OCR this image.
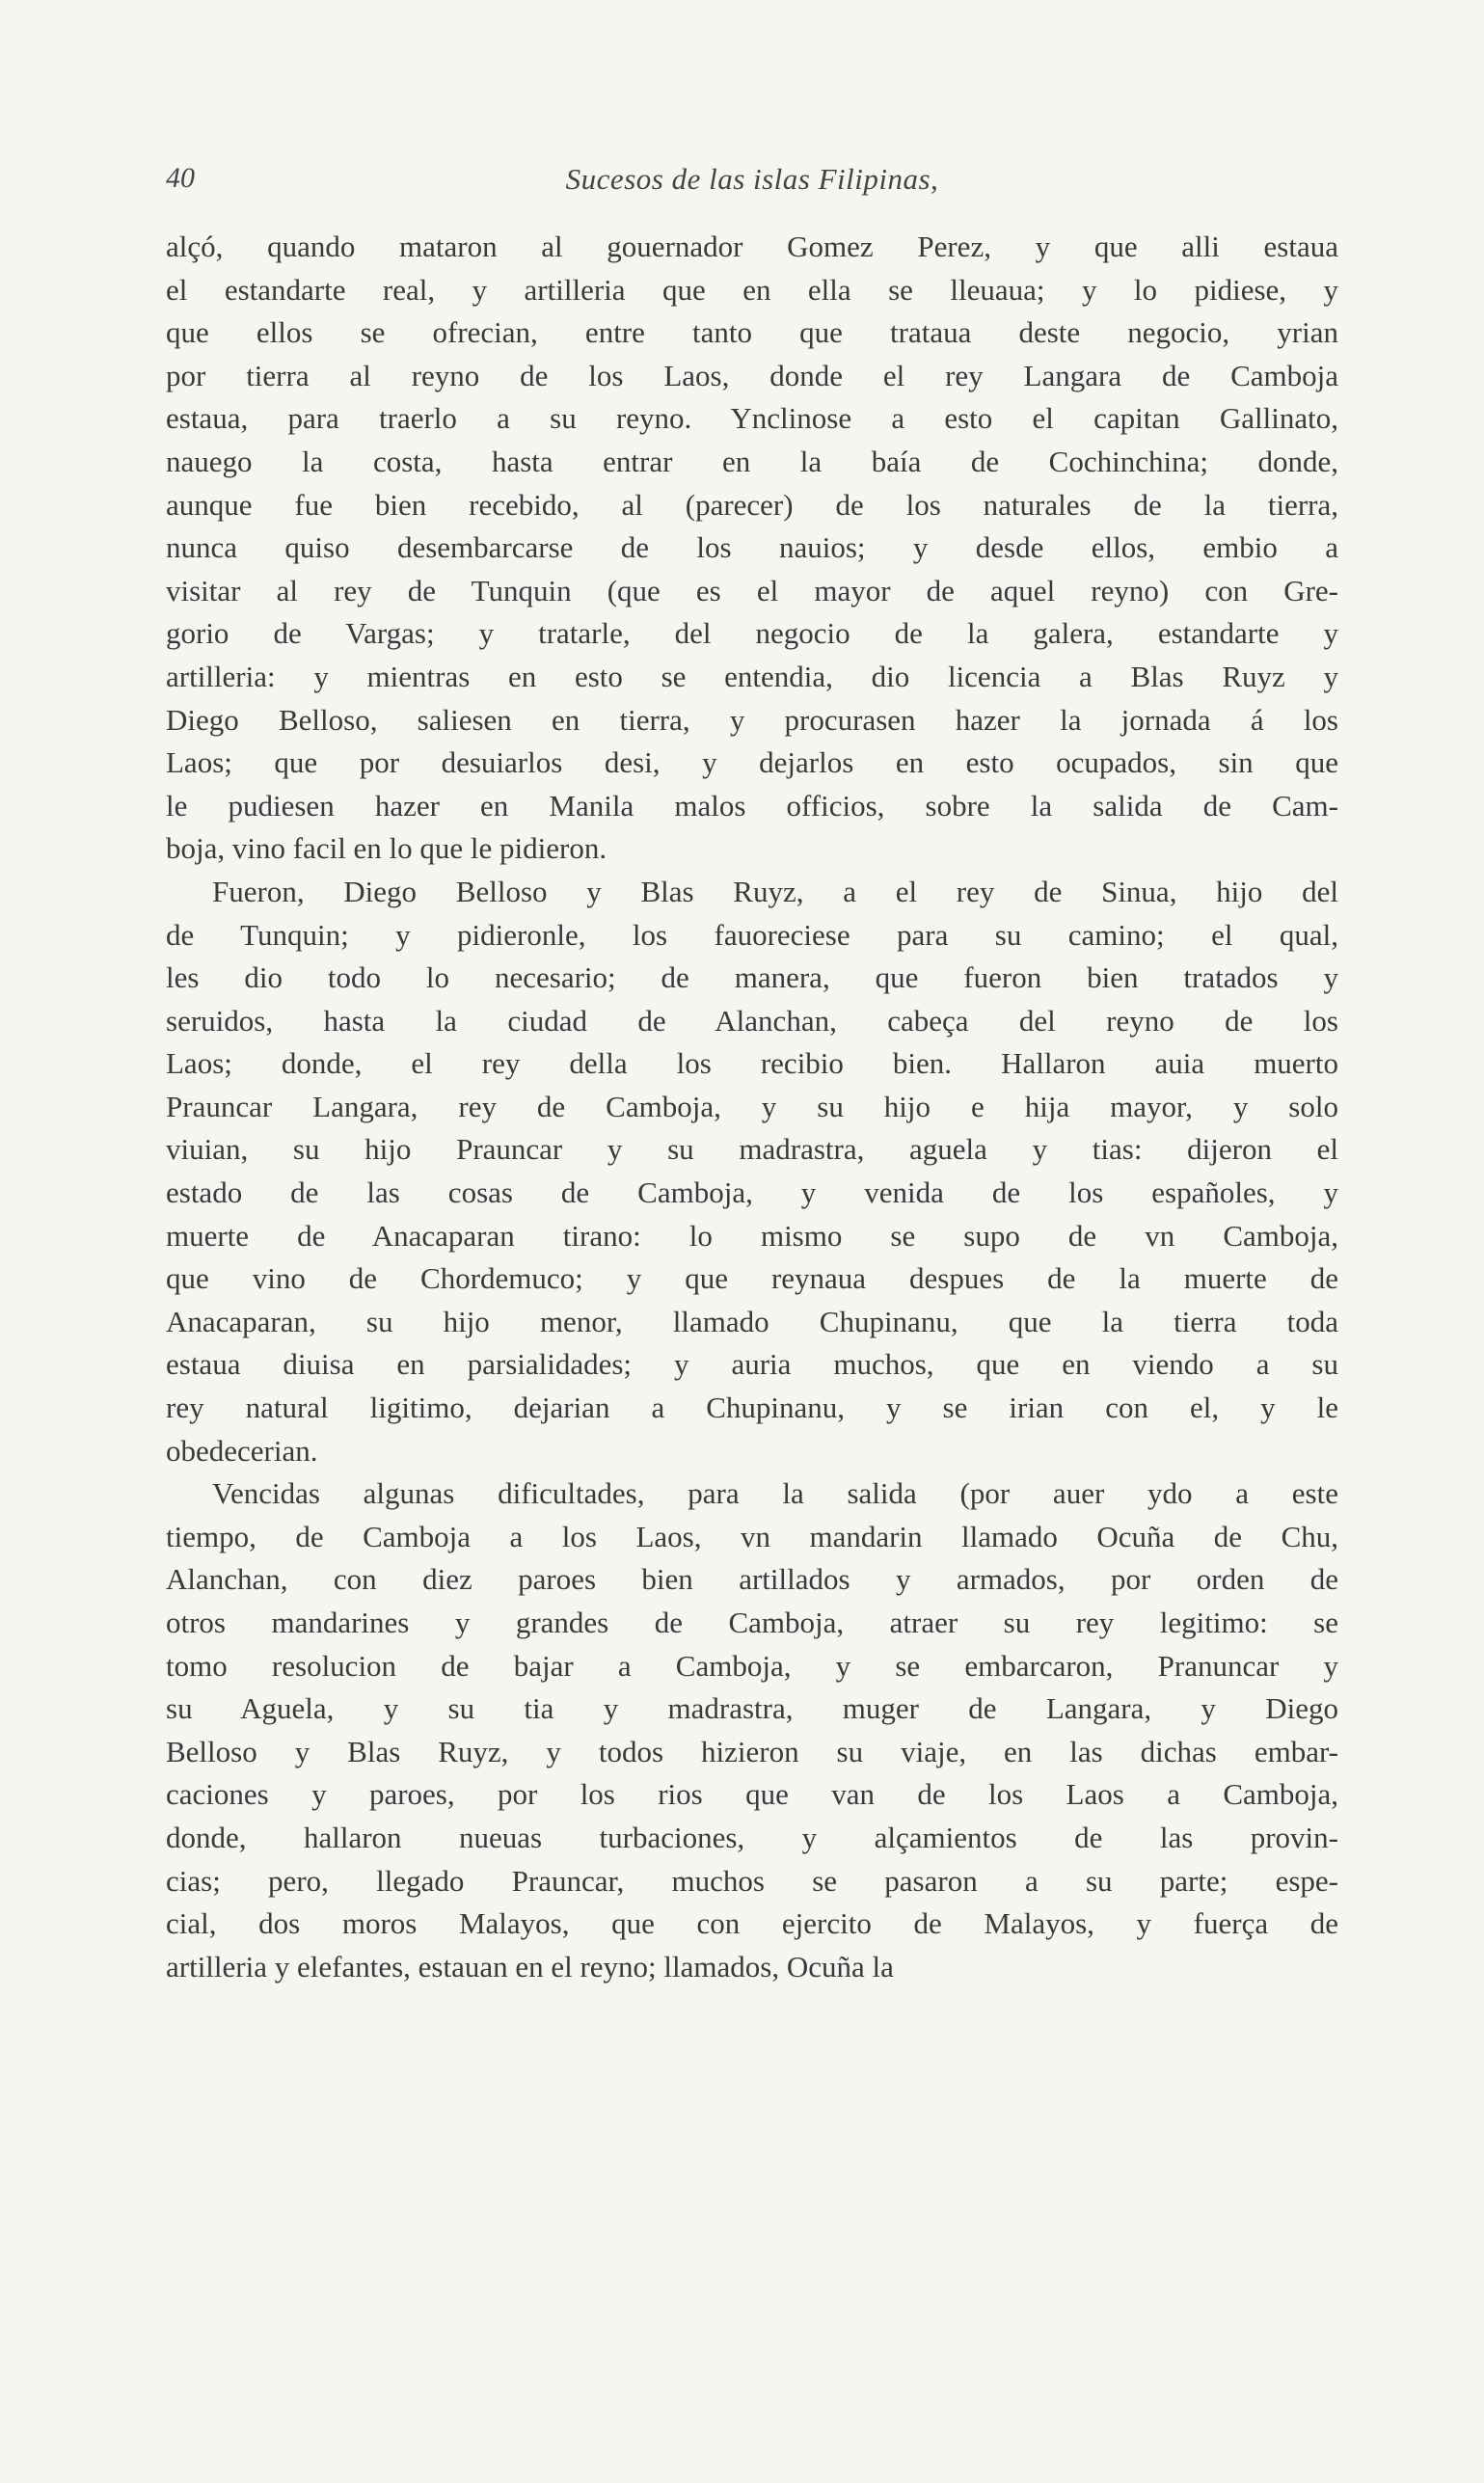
40	Sucesos de las islas Filipinas,
alçó, quando mataron al gouernador Gomez Perez, y que alli estaua
el estandarte real, y artilleria que en ella se lleuaua; y lo pidiese, y
que ellos se ofrecian, entre tanto que trataua deste negocio, yrian
por tierra al reyno de los Laos, donde el rey Langara de Camboja
estaua, para traerlo a su reyno. Ynclinose a esto el capitan Gallinato,
nauego la costa, hasta entrar en la baía de Cochinchina; donde,
aunque fue bien recebido, al (parecer) de los naturales de la tierra,
nunca quiso desembarcarse de los nauios; y desde ellos, embio a
visitar al rey de Tunquin (que es el mayor de aquel reyno) con Gre-
gorio de Vargas; y tratarle, del negocio de la galera, estandarte y
artilleria: y mientras en esto se entendia, dio licencia a Blas Ruyz y
Diego Belloso, saliesen en tierra, y procurasen hazer la jornada á los
Laos; que por desuiarlos desi, y dejarlos en esto ocupados, sin que
le pudiesen hazer en Manila malos officios, sobre la salida de Cam-
boja, vino facil en lo que le pidieron.
Fueron, Diego Belloso y Blas Ruyz, a el rey de Sinua, hijo del
de Tunquin; y pidieronle, los fauoreciese para su camino; el qual,
les dio todo lo necesario; de manera, que fueron bien tratados y
seruidos, hasta la ciudad de Alanchan, cabeça del reyno de los
Laos; donde, el rey della los recibio bien. Hallaron auia muerto
Prauncar Langara, rey de Camboja, y su hijo e hija mayor, y solo
viuian, su hijo Prauncar y su madrastra, aguela y tias: dijeron el
estado de las cosas de Camboja, y venida de los españoles, y
muerte de Anacaparan tirano: lo mismo se supo de vn Camboja,
que vino de Chordemuco; y que reynaua despues de la muerte de
Anacaparan, su hijo menor, llamado Chupinanu, que la tierra toda
estaua diuisa en parsialidades; y auria muchos, que en viendo a su
rey natural ligitimo, dejarian a Chupinanu, y se irian con el, y le
obedecerian.
Vencidas algunas dificultades, para la salida (por auer ydo a este
tiempo, de Camboja a los Laos, vn mandarin llamado Ocuña de Chu,
Alanchan, con diez paroes bien artillados y armados, por orden de
otros mandarines y grandes de Camboja, atraer su rey legitimo: se
tomo resolucion de bajar a Camboja, y se embarcaron, Pranuncar y
su Aguela, y su tia y madrastra, muger de Langara, y Diego
Belloso y Blas Ruyz, y todos hizieron su viaje, en las dichas embar-
caciones y paroes, por los rios que van de los Laos a Camboja,
donde, hallaron nueuas turbaciones, y alçamientos de las provin-
cias; pero, llegado Prauncar, muchos se pasaron a su parte; espe-
cial, dos moros Malayos, que con ejercito de Malayos, y fuerça de
artilleria y elefantes, estauan en el reyno; llamados, Ocuña la
